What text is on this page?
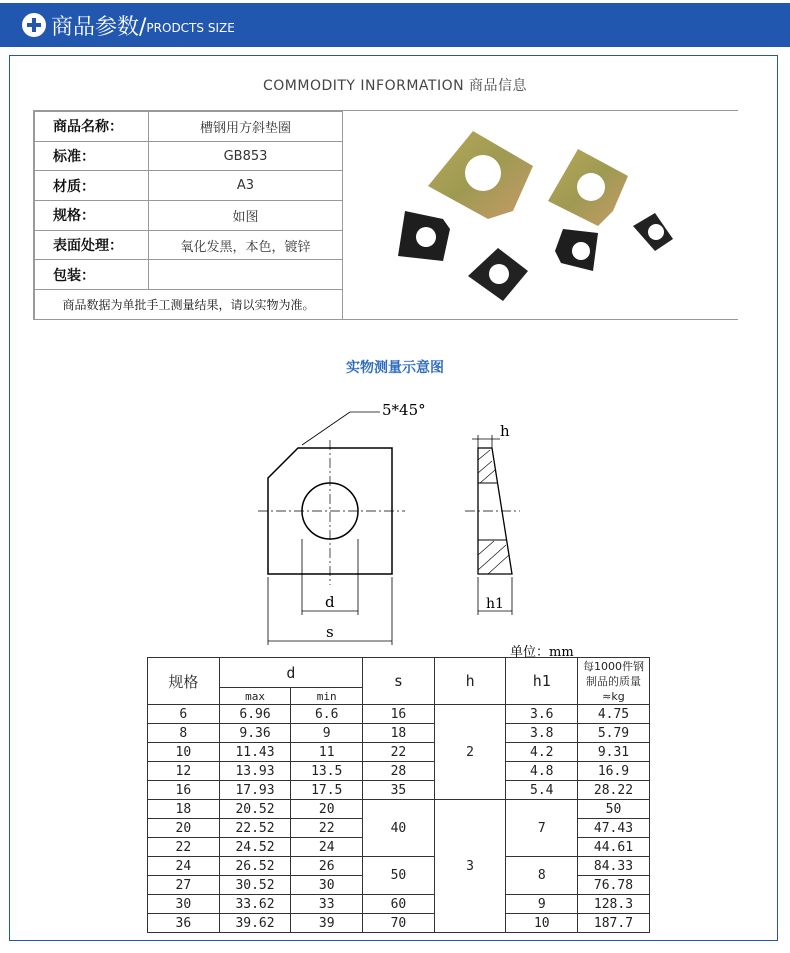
商品参数/ PRODCTS SIZE
COMMODITY INFORMATION 商品信息
商品名称：	槽钢用方斜垫圈
标准：	GB853
材质：	A3
规格：	如图
表面处理：	氧化发黑，本色，镀锌
包装：	
商品数据为单批手工测量结果，请以实物为准。	
实物测量示意图
5*45°
h
d
s
h1
单位：mm
规格	d		s	h	h1	每1000件钢制品的质量≈kg
	max	min				
6	6.96	6.6	16	2	3.6	4.75
8	9.36	9	18		3.8	5.79
10	11.43	11	22		4.2	9.31
12	13.93	13.5	28		4.8	16.9
16	17.93	17.5	35		5.4	28.22
18	20.52	20	40	3	7	50
20	22.52	22				47.43
22	24.52	24				44.61
24	26.52	26	50		8	84.33
27	30.52	30				76.78
30	33.62	33	60		9	128.3
36	39.62	39	70		10	187.7
